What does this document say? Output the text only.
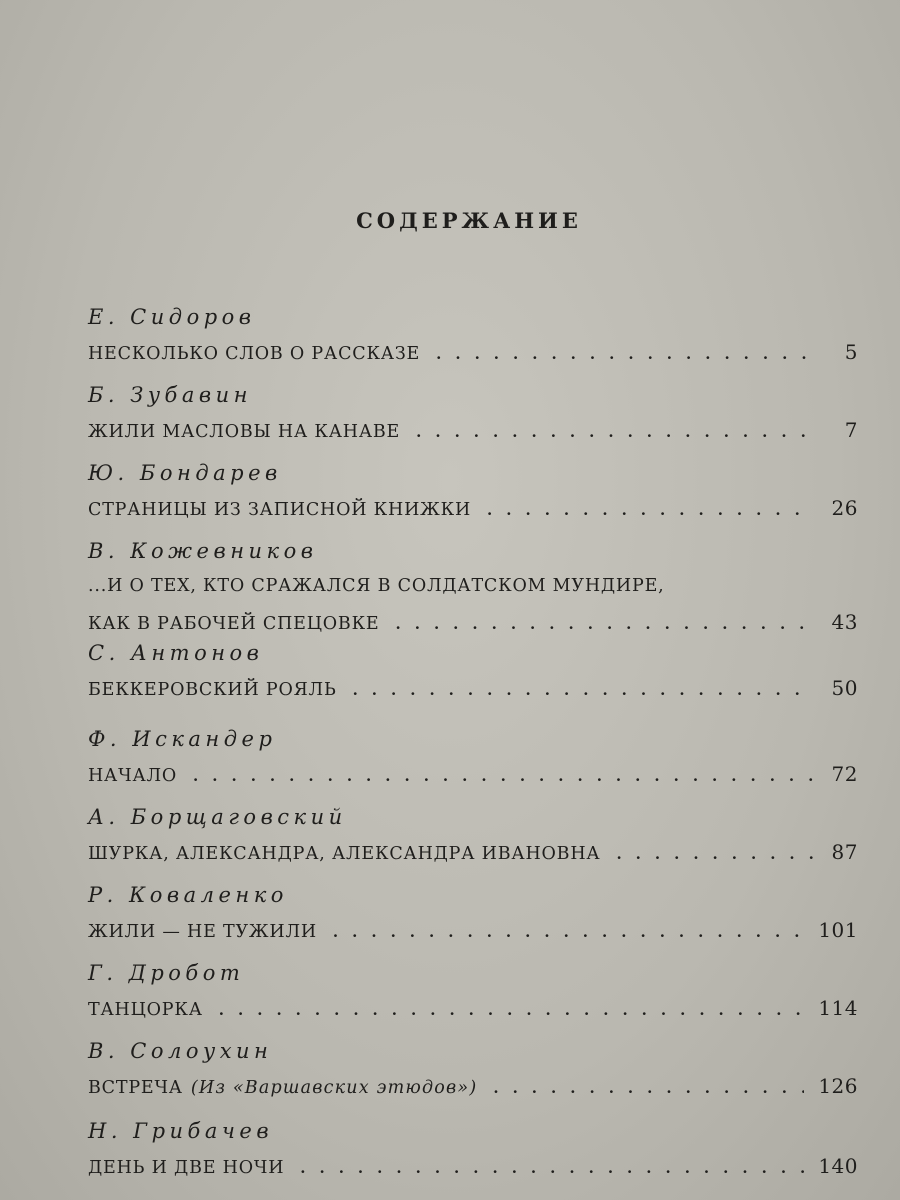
СОДЕРЖАНИЕ
Е. Сидоров
НЕСКОЛЬКО СЛОВ О РАССКАЗЕ .....	5
Б. Зубавин
ЖИЛИ МАСЛОВЫ НА КАНАВЕ .....	7
Ю. Бондарев
СТРАНИЦЫ ИЗ ЗАПИСНОЙ КНИЖКИ .....	26
В. Кожевников
...И О ТЕХ, КТО СРАЖАЛСЯ В СОЛДАТСКОМ МУНДИРЕ,
КАК В РАБОЧЕЙ СПЕЦОВКЕ .....	43
С. Антонов
БЕККЕРОВСКИЙ РОЯЛЬ .....	50
Ф. Искандер
НАЧАЛО .....	72
А. Борщаговский
ШУРКА, АЛЕКСАНДРА, АЛЕКСАНДРА ИВАНОВНА .....	87
Р. Коваленко
ЖИЛИ — НЕ ТУЖИЛИ .....	101
Г. Дробот
ТАНЦОРКА .....	114
В. Солоухин
ВСТРЕЧА (Из «Варшавских этюдов») .....	126
Н. Грибачев
ДЕНЬ И ДВЕ НОЧИ .....	140
